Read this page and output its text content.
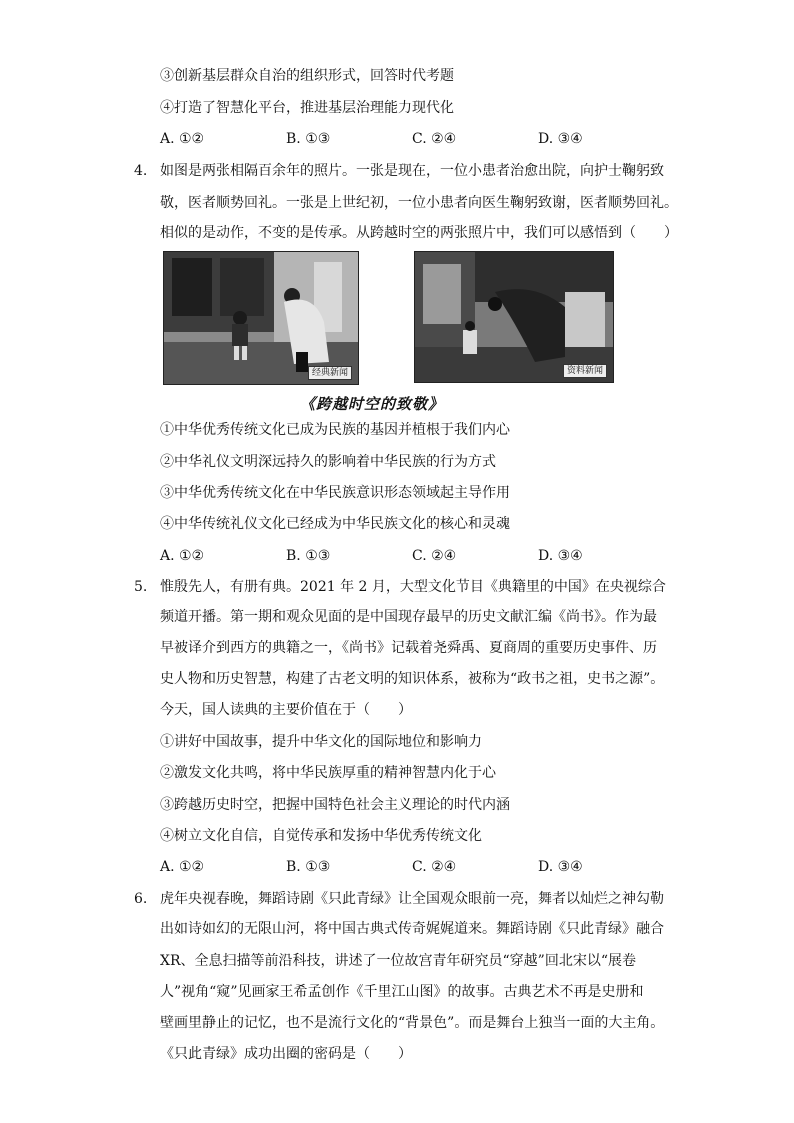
③创新基层群众自治的组织形式，回答时代考题
④打造了智慧化平台，推进基层治理能力现代化
A. ①②	B. ①③	C. ②④	D. ③④
4. 如图是两张相隔百余年的照片。一张是现在，一位小患者治愈出院，向护士鞠躬致
敬，医者顺势回礼。一张是上世纪初，一位小患者向医生鞠躬致谢，医者顺势回礼。
相似的是动作，不变的是传承。从跨越时空的两张照片中，我们可以感悟到（　　）
经典新闻	资料新闻
《跨越时空的致敬》
①中华优秀传统文化已成为民族的基因并植根于我们内心
②中华礼仪文明深远持久的影响着中华民族的行为方式
③中华优秀传统文化在中华民族意识形态领域起主导作用
④中华传统礼仪文化已经成为中华民族文化的核心和灵魂
A. ①②	B. ①③	C. ②④	D. ③④
5. 惟殷先人，有册有典。2021 年 2 月，大型文化节目《典籍里的中国》在央视综合
频道开播。第一期和观众见面的是中国现存最早的历史文献汇编《尚书》。作为最
早被译介到西方的典籍之一，《尚书》记载着尧舜禹、夏商周的重要历史事件、历
史人物和历史智慧，构建了古老文明的知识体系，被称为“政书之祖，史书之源”。
今天，国人读典的主要价值在于（　　）
①讲好中国故事，提升中华文化的国际地位和影响力
②激发文化共鸣，将中华民族厚重的精神智慧内化于心
③跨越历史时空，把握中国特色社会主义理论的时代内涵
④树立文化自信，自觉传承和发扬中华优秀传统文化
A. ①②	B. ①③	C. ②④	D. ③④
6. 虎年央视春晚，舞蹈诗剧《只此青绿》让全国观众眼前一亮，舞者以灿烂之神勾勒
出如诗如幻的无限山河，将中国古典式传奇娓娓道来。舞蹈诗剧《只此青绿》融合
XR、全息扫描等前沿科技，讲述了一位故宫青年研究员“穿越”回北宋以“展卷
人”视角“窥”见画家王希孟创作《千里江山图》的故事。古典艺术不再是史册和
壁画里静止的记忆，也不是流行文化的“背景色”。而是舞台上独当一面的大主角。
《只此青绿》成功出圈的密码是（　　）
